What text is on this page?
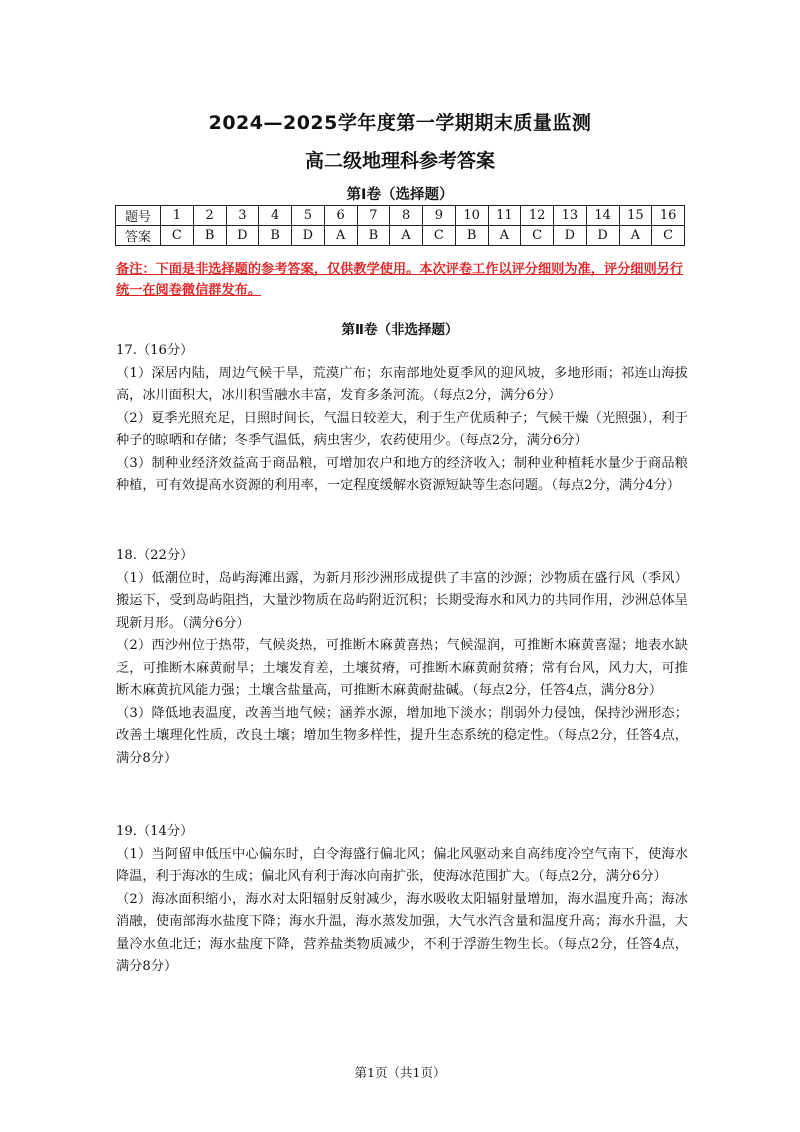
2024—2025学年度第一学期期末质量监测
高二级地理科参考答案
第Ⅰ卷（选择题）
题号	1	2	3	4	5	6	7	8	9	10	11	12	13	14	15	16
答案	C	B	D	B	D	A	B	A	C	B	A	C	D	D	A	C
备注：下面是非选择题的参考答案，仅供教学使用。本次评卷工作以评分细则为准，评分细则另行统一在阅卷微信群发布。
第Ⅱ卷（非选择题）

17.（16分）

（1）深居内陆，周边气候干旱，荒漠广布；东南部地处夏季风的迎风坡，多地形雨；祁连山海拔高，冰川面积大，冰川积雪融水丰富，发育多条河流。（每点2分，满分6分）

（2）夏季光照充足，日照时间长，气温日较差大，利于生产优质种子；气候干燥（光照强），利于种子的晾晒和存储；冬季气温低，病虫害少，农药使用少。（每点2分，满分6分）

（3）制种业经济效益高于商品粮，可增加农户和地方的经济收入；制种业种植耗水量少于商品粮种植，可有效提高水资源的利用率，一定程度缓解水资源短缺等生态问题。（每点2分，满分4分）

18.（22分）

（1）低潮位时，岛屿海滩出露，为新月形沙洲形成提供了丰富的沙源；沙物质在盛行风（季风）搬运下，受到岛屿阻挡，大量沙物质在岛屿附近沉积；长期受海水和风力的共同作用，沙洲总体呈现新月形。（满分6分）

（2）西沙州位于热带，气候炎热，可推断木麻黄喜热；气候湿润，可推断木麻黄喜湿；地表水缺乏，可推断木麻黄耐旱；土壤发育差，土壤贫瘠，可推断木麻黄耐贫瘠；常有台风，风力大，可推断木麻黄抗风能力强；土壤含盐量高，可推断木麻黄耐盐碱。（每点2分，任答4点，满分8分）

（3）降低地表温度，改善当地气候；涵养水源，增加地下淡水；削弱外力侵蚀，保持沙洲形态；改善土壤理化性质，改良土壤；增加生物多样性，提升生态系统的稳定性。（每点2分，任答4点，满分8分）

19.（14分）

（1）当阿留申低压中心偏东时，白令海盛行偏北风；偏北风驱动来自高纬度冷空气南下，使海水降温，利于海冰的生成；偏北风有利于海冰向南扩张，使海冰范围扩大。（每点2分，满分6分）

（2）海冰面积缩小，海水对太阳辐射反射减少，海水吸收太阳辐射量增加，海水温度升高；海冰消融，使南部海水盐度下降；海水升温，海水蒸发加强，大气水汽含量和温度升高；海水升温，大量冷水鱼北迁；海水盐度下降，营养盐类物质减少，不利于浮游生物生长。（每点2分，任答4点，满分8分）

第1页（共1页）
